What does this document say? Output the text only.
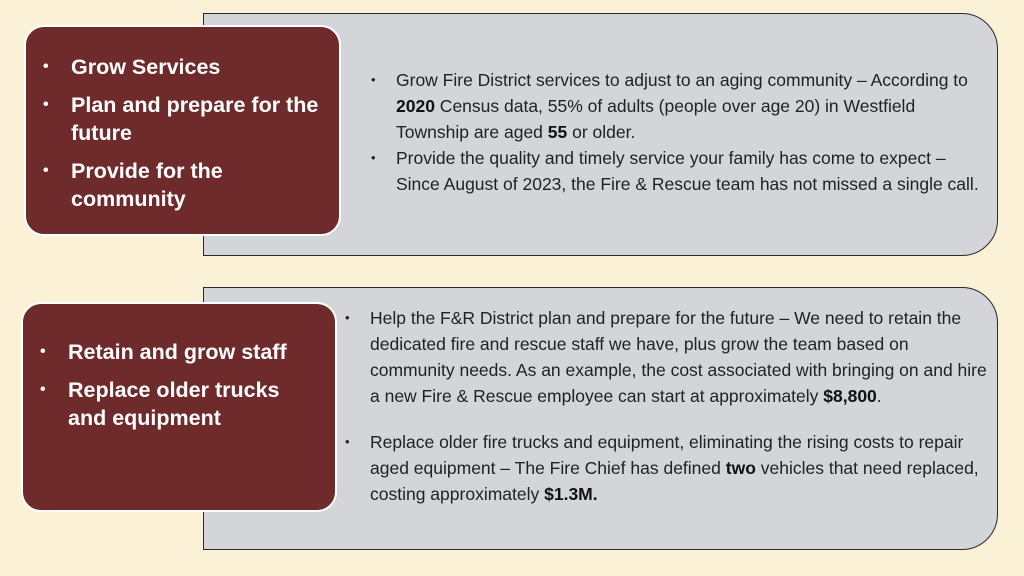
• Grow Services
• Plan and prepare for the future
• Provide for the community
• Retain and grow staff
• Replace older trucks and equipment
• Grow Fire District services to adjust to an aging community – According to 2020 Census data, 55% of adults (people over age 20) in Westfield Township are aged 55 or older.
• Provide the quality and timely service your family has come to expect – Since August of 2023, the Fire & Rescue team has not missed a single call.
• Help the F&R District plan and prepare for the future – We need to retain the dedicated fire and rescue staff we have, plus grow the team based on community needs. As an example, the cost associated with bringing on and hire a new Fire & Rescue employee can start at approximately $8,800.
• Replace older fire trucks and equipment, eliminating the rising costs to repair aged equipment – The Fire Chief has defined two vehicles that need replaced, costing approximately $1.3M.
